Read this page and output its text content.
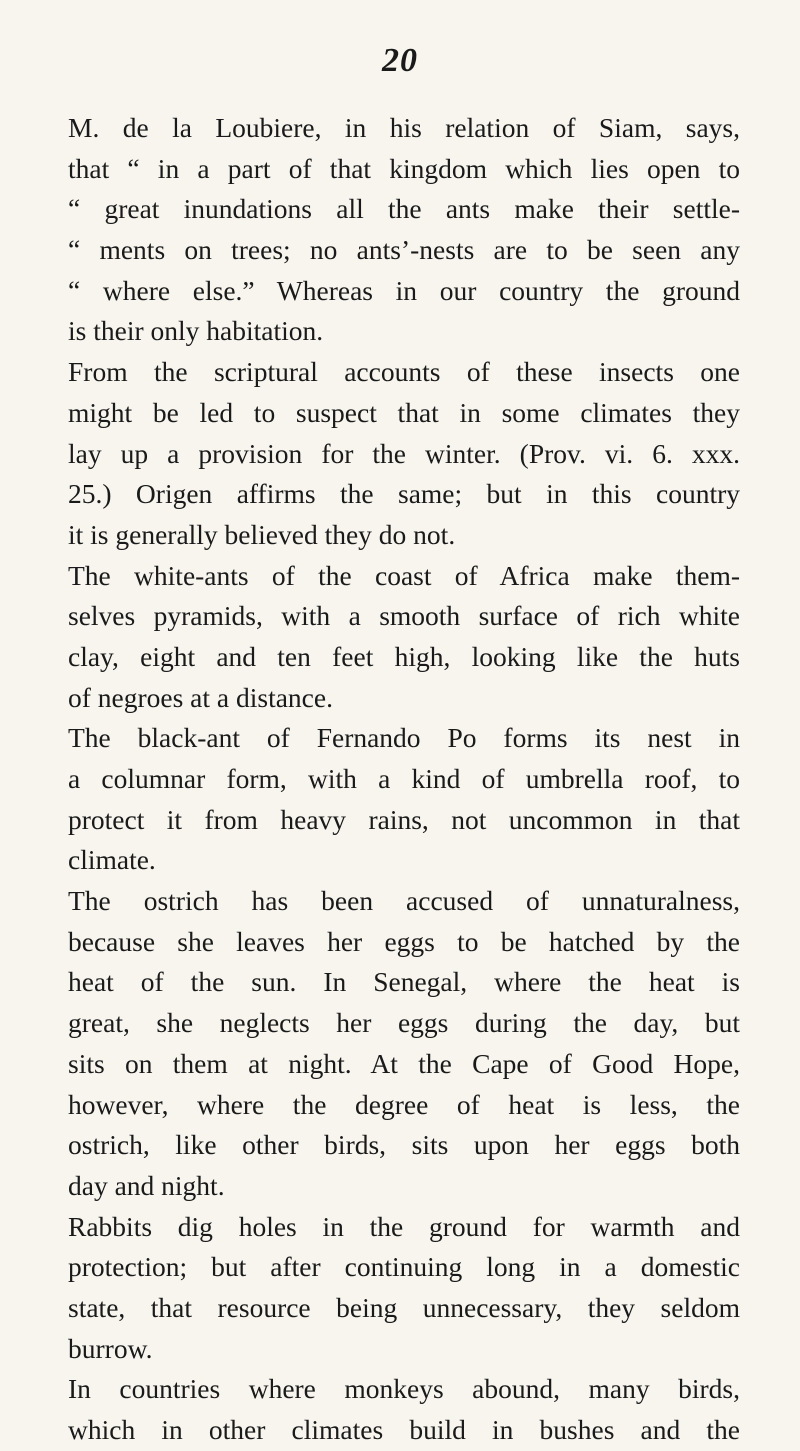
20
M. de la Loubiere, in his relation of Siam, says,
that “ in a part of that kingdom which lies open to
“ great inundations all the ants make their settle-
“ ments on trees; no ants’-nests are to be seen any
“ where else.” Whereas in our country the ground
is their only habitation.
From the scriptural accounts of these insects one
might be led to suspect that in some climates they
lay up a provision for the winter. (Prov. vi. 6. xxx.
25.) Origen affirms the same; but in this country
it is generally believed they do not.
The white-ants of the coast of Africa make them-
selves pyramids, with a smooth surface of rich white
clay, eight and ten feet high, looking like the huts
of negroes at a distance.
The black-ant of Fernando Po forms its nest in
a columnar form, with a kind of umbrella roof, to
protect it from heavy rains, not uncommon in that
climate.
The ostrich has been accused of unnaturalness,
because she leaves her eggs to be hatched by the
heat of the sun. In Senegal, where the heat is
great, she neglects her eggs during the day, but
sits on them at night. At the Cape of Good Hope,
however, where the degree of heat is less, the
ostrich, like other birds, sits upon her eggs both
day and night.
Rabbits dig holes in the ground for warmth and
protection; but after continuing long in a domestic
state, that resource being unnecessary, they seldom
burrow.
In countries where monkeys abound, many birds,
which in other climates build in bushes and the
